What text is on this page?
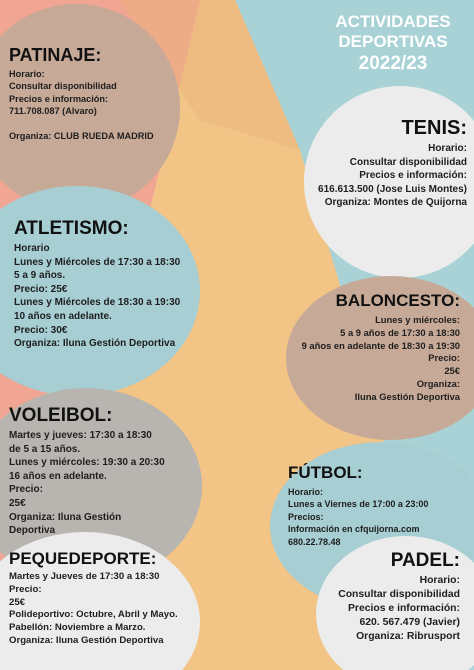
ACTIVIDADES
DEPORTIVAS
2022/23
PATINAJE:
Horario:
Consultar disponibilidad
Precios e información:
711.708.087 (Alvaro)
Organiza: CLUB RUEDA MADRID	TENIS:
Horario:
Consultar disponibilidad
Precios e información:
616.613.500 (Jose Luis Montes)
Organiza: Montes de Quijorna
ATLETISMO:
Horario
Lunes y Miércoles de 17:30 a 18:30
5 a 9 años.
Precio: 25€
Lunes y Miércoles de 18:30 a 19:30
10 años en adelante.
Precio: 30€
Organiza: Iluna Gestión Deportiva
BALONCESTO:
Lunes y miércoles:
5 a 9 años de 17:30 a 18:30
9 años en adelante de 18:30 a 19:30
Precio:
25€
Organiza:
Iluna Gestión Deportiva
VOLEIBOL:
Martes y jueves: 17:30 a 18:30
de 5 a 15 años.
Lunes y miércoles: 19:30 a 20:30
16 años en adelante.
Precio:
25€
Organiza: Iluna Gestión
Deportiva
FÚTBOL:
Horario:
Lunes a Viernes de 17:00 a 23:00
Precios:
Información en cfquijorna.com
680.22.78.48
PEQUEDEPORTE:
Martes y Jueves de 17:30 a 18:30
Precio:
25€
Polideportivo: Octubre, Abril y Mayo.
Pabellón: Noviembre a Marzo.
Organiza: Iluna Gestión Deportiva
PADEL:
Horario:
Consultar disponibilidad
Precios e información:
620. 567.479 (Javier)
Organiza: Ribrusport
